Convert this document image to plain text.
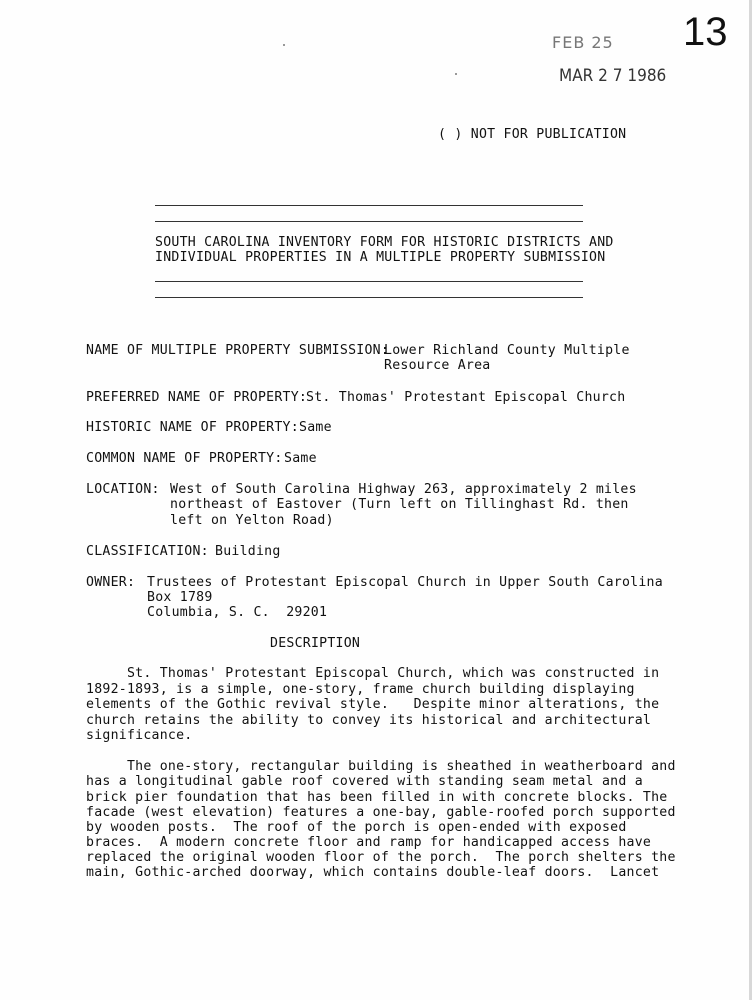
FEB 25
MAR 2 7 1986
13
( ) NOT FOR PUBLICATION
SOUTH CAROLINA INVENTORY FORM FOR HISTORIC DISTRICTS AND
INDIVIDUAL PROPERTIES IN A MULTIPLE PROPERTY SUBMISSION
NAME OF MULTIPLE PROPERTY SUBMISSION:
Lower Richland County Multiple
Resource Area
PREFERRED NAME OF PROPERTY:
St. Thomas' Protestant Episcopal Church
HISTORIC NAME OF PROPERTY: Same
COMMON NAME OF PROPERTY: Same
LOCATION: West of South Carolina Highway 263, approximately 2 miles
northeast of Eastover (Turn left on Tillinghast Rd. then
left on Yelton Road)
CLASSIFICATION: Building
OWNER: Trustees of Protestant Episcopal Church in Upper South Carolina
Box 1789
Columbia, S. C.  29201
DESCRIPTION
St. Thomas' Protestant Episcopal Church, which was constructed in
1892-1893, is a simple, one-story, frame church building displaying
elements of the Gothic revival style.   Despite minor alterations, the
church retains the ability to convey its historical and architectural
significance.
The one-story, rectangular building is sheathed in weatherboard and
has a longitudinal gable roof covered with standing seam metal and a
brick pier foundation that has been filled in with concrete blocks. The
facade (west elevation) features a one-bay, gable-roofed porch supported
by wooden posts.  The roof of the porch is open-ended with exposed
braces.  A modern concrete floor and ramp for handicapped access have
replaced the original wooden floor of the porch.  The porch shelters the
main, Gothic-arched doorway, which contains double-leaf doors.  Lancet
